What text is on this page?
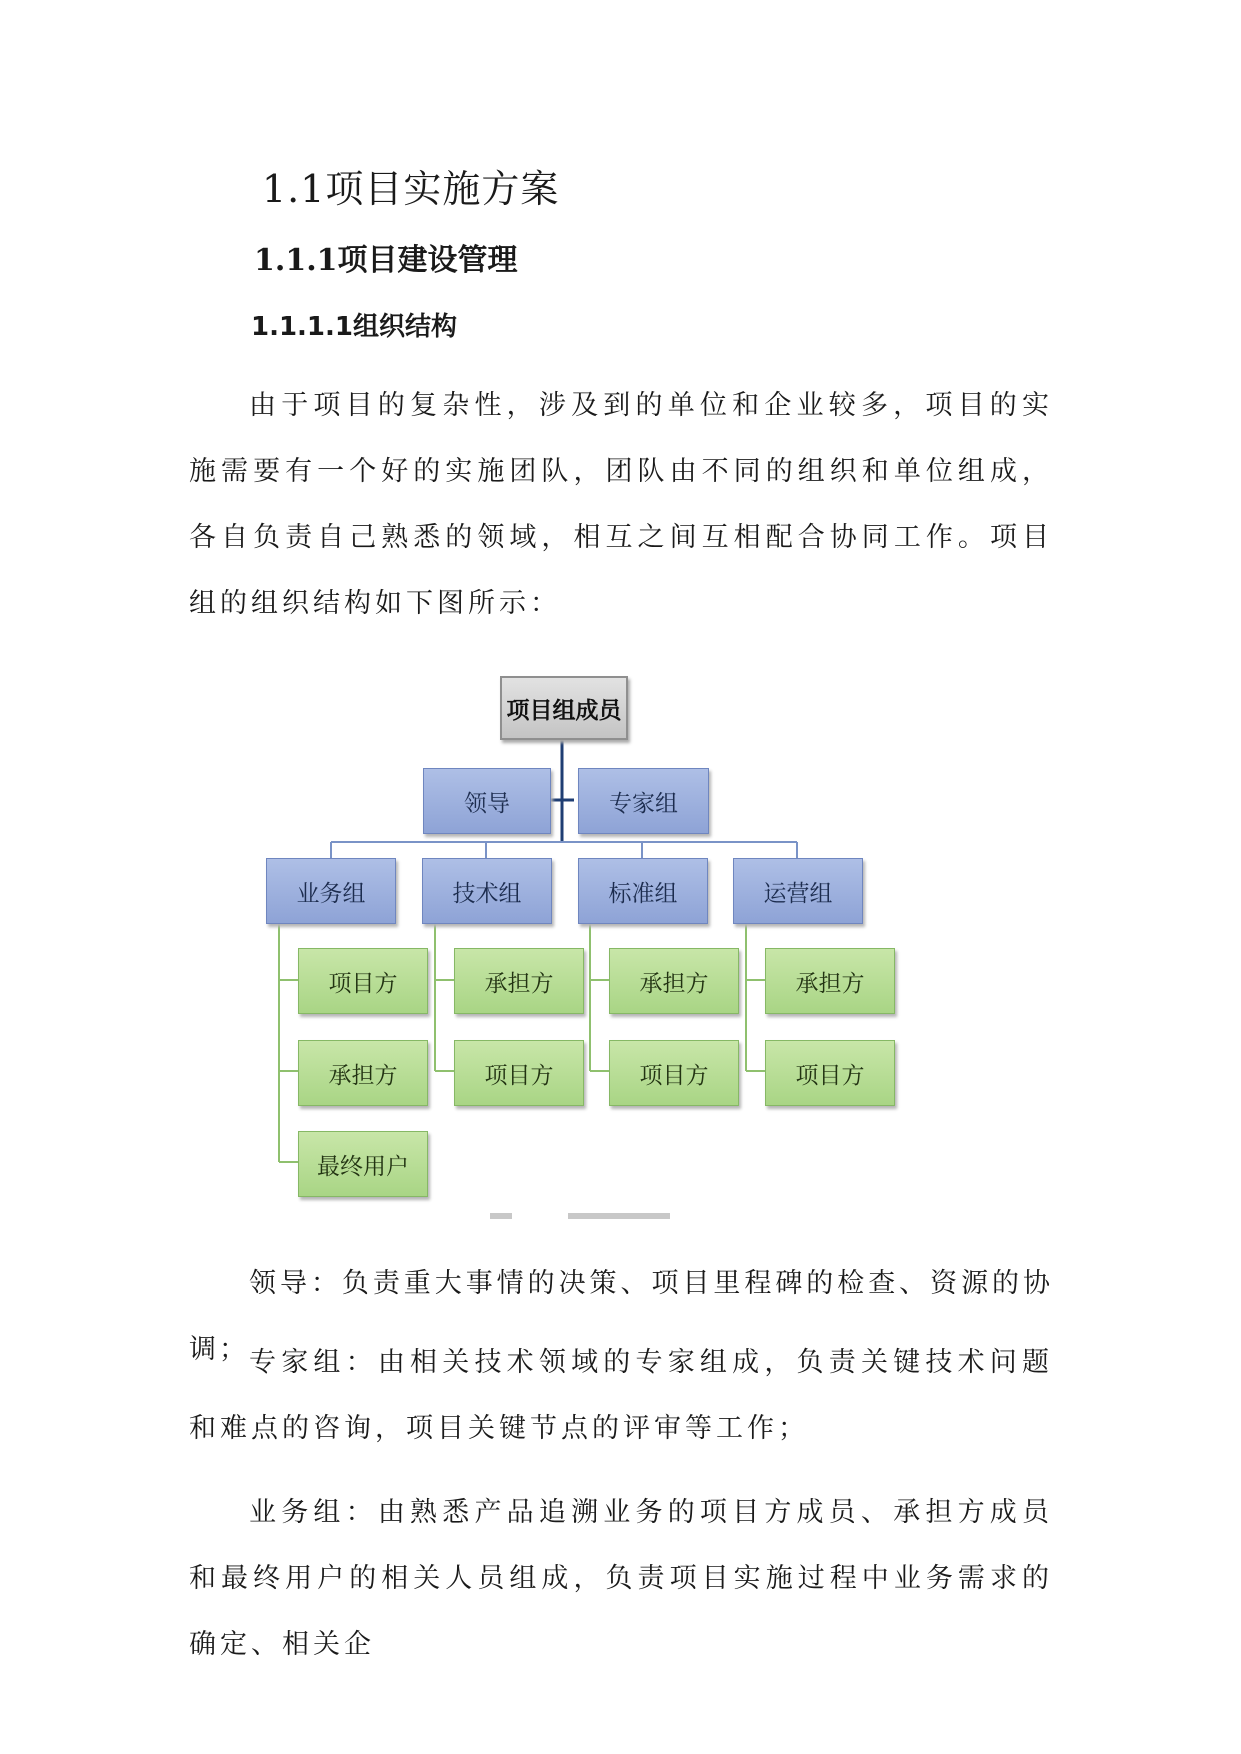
1.1项目实施方案
1.1.1项目建设管理
1.1.1.1组织结构

由于项目的复杂性，涉及到的单位和企业较多，项目的实施需要有一个好的实施团队，团队由不同的组织和单位组成，各自负责自己熟悉的领域，相互之间互相配合协同工作。项目组的组织结构如下图所示：

项目组成员
领导	专家组
业务组	技术组	标准组	运营组
项目方
承担方
最终用户
承担方
项目方
承担方
项目方
承担方
项目方

领导：负责重大事情的决策、项目里程碑的检查、资源的协调； 专家组：由相关技术领域的专家组成，负责关键技术问题和难点的咨询，项目关键节点的评审等工作；

业务组：由熟悉产品追溯业务的项目方成员、承担方成员和最终用户的相关人员组成，负责项目实施过程中业务需求的确定、相关企
